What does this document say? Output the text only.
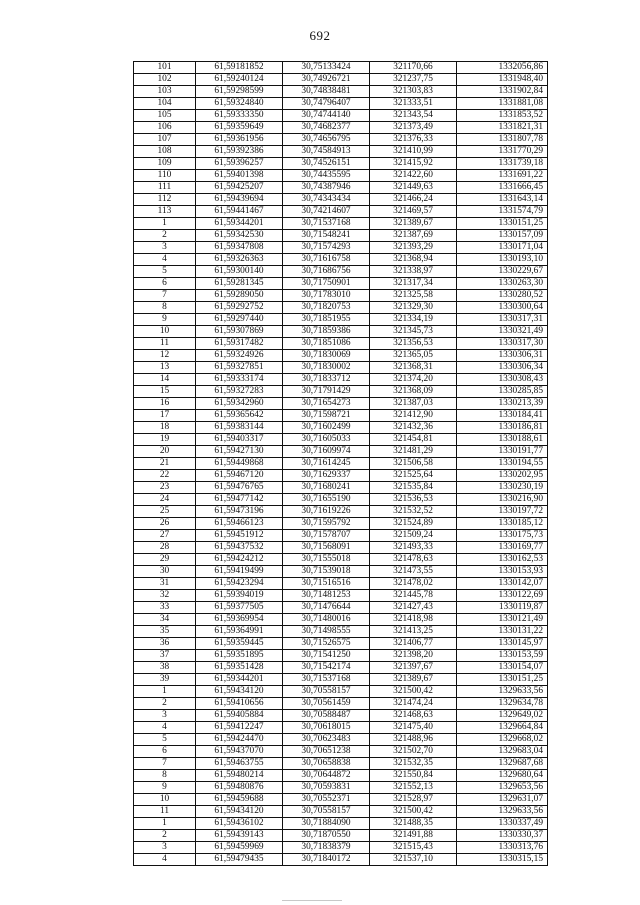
692
101	61,59181852	30,75133424	321170,66	1332056,86
102	61,59240124	30,74926721	321237,75	1331948,40
103	61,59298599	30,74838481	321303,83	1331902,84
104	61,59324840	30,74796407	321333,51	1331881,08
105	61,59333350	30,74744140	321343,54	1331853,52
106	61,59359649	30,74682377	321373,49	1331821,31
107	61,59361956	30,74656795	321376,33	1331807,78
108	61,59392386	30,74584913	321410,99	1331770,29
109	61,59396257	30,74526151	321415,92	1331739,18
110	61,59401398	30,74435595	321422,60	1331691,22
111	61,59425207	30,74387946	321449,63	1331666,45
112	61,59439694	30,74343434	321466,24	1331643,14
113	61,59441467	30,74214607	321469,57	1331574,79
1	61,59344201	30,71537168	321389,67	1330151,25
2	61,59342530	30,71548241	321387,69	1330157,09
3	61,59347808	30,71574293	321393,29	1330171,04
4	61,59326363	30,71616758	321368,94	1330193,10
5	61,59300140	30,71686756	321338,97	1330229,67
6	61,59281345	30,71750901	321317,34	1330263,30
7	61,59289050	30,71783010	321325,58	1330280,52
8	61,59292752	30,71820753	321329,30	1330300,64
9	61,59297440	30,71851955	321334,19	1330317,31
10	61,59307869	30,71859386	321345,73	1330321,49
11	61,59317482	30,71851086	321356,53	1330317,30
12	61,59324926	30,71830069	321365,05	1330306,31
13	61,59327851	30,71830002	321368,31	1330306,34
14	61,59333174	30,71833712	321374,20	1330308,43
15	61,59327283	30,71791429	321368,09	1330285,85
16	61,59342960	30,71654273	321387,03	1330213,39
17	61,59365642	30,71598721	321412,90	1330184,41
18	61,59383144	30,71602499	321432,36	1330186,81
19	61,59403317	30,71605033	321454,81	1330188,61
20	61,59427130	30,71609974	321481,29	1330191,77
21	61,59449868	30,71614245	321506,58	1330194,55
22	61,59467120	30,71629337	321525,64	1330202,95
23	61,59476765	30,71680241	321535,84	1330230,19
24	61,59477142	30,71655190	321536,53	1330216,90
25	61,59473196	30,71619226	321532,52	1330197,72
26	61,59466123	30,71595792	321524,89	1330185,12
27	61,59451912	30,71578707	321509,24	1330175,73
28	61,59437532	30,71568091	321493,33	1330169,77
29	61,59424212	30,71555018	321478,63	1330162,53
30	61,59419499	30,71539018	321473,55	1330153,93
31	61,59423294	30,71516516	321478,02	1330142,07
32	61,59394019	30,71481253	321445,78	1330122,69
33	61,59377505	30,71476644	321427,43	1330119,87
34	61,59369954	30,71480016	321418,98	1330121,49
35	61,59364991	30,71498555	321413,25	1330131,22
36	61,59359445	30,71526575	321406,77	1330145,97
37	61,59351895	30,71541250	321398,20	1330153,59
38	61,59351428	30,71542174	321397,67	1330154,07
39	61,59344201	30,71537168	321389,67	1330151,25
1	61,59434120	30,70558157	321500,42	1329633,56
2	61,59410656	30,70561459	321474,24	1329634,78
3	61,59405884	30,70588487	321468,63	1329649,02
4	61,59412247	30,70618015	321475,40	1329664,84
5	61,59424470	30,70623483	321488,96	1329668,02
6	61,59437070	30,70651238	321502,70	1329683,04
7	61,59463755	30,70658838	321532,35	1329687,68
8	61,59480214	30,70644872	321550,84	1329680,64
9	61,59480876	30,70593831	321552,13	1329653,56
10	61,59459688	30,70552371	321528,97	1329631,07
11	61,59434120	30,70558157	321500,42	1329633,56
1	61,59436102	30,71884090	321488,35	1330337,49
2	61,59439143	30,71870550	321491,88	1330330,37
3	61,59459969	30,71838379	321515,43	1330313,76
4	61,59479435	30,71840172	321537,10	1330315,15
